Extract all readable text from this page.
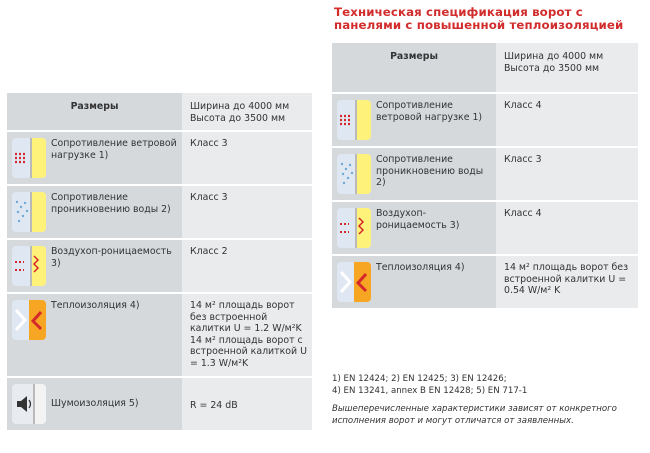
Техническая спецификация ворот с панелями с повышенной теплоизоляцией
Размеры	Ширина до 4000 мм
Высота до 3500 мм

Сопротивление ветровой нагрузке 1)	Класс 3

Сопротивление проникновению воды 2)	Класс 3

Воздухоп-роницаемость 3)	Класс 2

Теплоизоляция 4)	14 м² площадь ворот без встроенной калитки U = 1.2 W/м²K
14 м² площадь ворот с встроенной калиткой U = 1.3 W/м²K

Шумоизоляция 5)	R = 24 dB
Размеры	Ширина до 4000 мм
Высота до 3500 мм

Сопротивление ветровой нагрузке 1)	Класс 4

Сопротивление проникновению воды 2)	Класс 3

Воздухоп-роницаемость 3)	Класс 4

Теплоизоляция 4)	14 м² площадь ворот без встроенной калитки U = 0.54 W/м² K
1) EN 12424; 2) EN 12425; 3) EN 12426;
4) EN 13241, annex B EN 12428; 5) EN 717-1
Вышеперечисленные характеристики зависят от конкретного исполнения ворот и могут отличатся от заявленных.
